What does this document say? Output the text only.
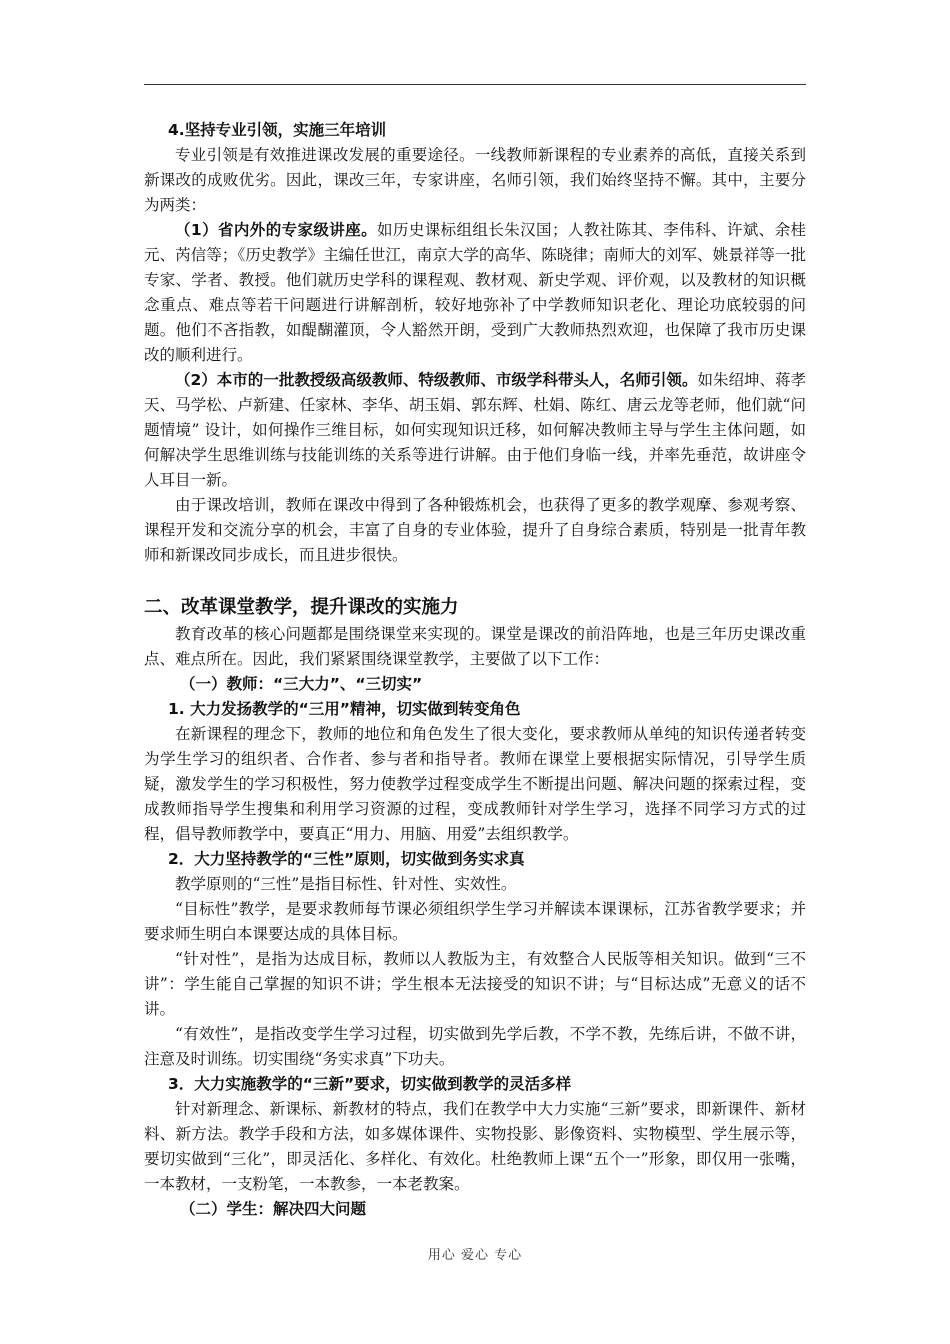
4.坚持专业引领，实施三年培训

专业引领是有效推进课改发展的重要途径。一线教师新课程的专业素养的高低，直接关系到新课改的成败优劣。因此，课改三年，专家讲座，名师引领，我们始终坚持不懈。其中，主要分为两类：

（1）省内外的专家级讲座。如历史课标组组长朱汉国；人教社陈其、李伟科、许斌、余桂元、芮信等；《历史教学》主编任世江，南京大学的高华、陈晓律；南师大的刘军、姚景祥等一批专家、学者、教授。他们就历史学科的课程观、教材观、新史学观、评价观，以及教材的知识概念重点、难点等若干问题进行讲解剖析，较好地弥补了中学教师知识老化、理论功底较弱的问题。他们不吝指教，如醍醐灌顶，令人豁然开朗，受到广大教师热烈欢迎，也保障了我市历史课改的顺利进行。

（2）本市的一批教授级高级教师、特级教师、市级学科带头人，名师引领。如朱绍坤、蒋孝天、马学松、卢新建、任家林、李华、胡玉娟、郭东辉、杜娟、陈红、唐云龙等老师，他们就“问题情境” 设计，如何操作三维目标，如何实现知识迁移，如何解决教师主导与学生主体问题，如何解决学生思维训练与技能训练的关系等进行讲解。由于他们身临一线，并率先垂范，故讲座令人耳目一新。

由于课改培训，教师在课改中得到了各种锻炼机会，也获得了更多的教学观摩、参观考察、课程开发和交流分享的机会，丰富了自身的专业体验，提升了自身综合素质，特别是一批青年教师和新课改同步成长，而且进步很快。

二、改革课堂教学，提升课改的实施力

教育改革的核心问题都是围绕课堂来实现的。课堂是课改的前沿阵地，也是三年历史课改重点、难点所在。因此，我们紧紧围绕课堂教学，主要做了以下工作：

（一）教师：“三大力”、“三切实”

1. 大力发扬教学的“三用”精神，切实做到转变角色

在新课程的理念下，教师的地位和角色发生了很大变化，要求教师从单纯的知识传递者转变为学生学习的组织者、合作者、参与者和指导者。教师在课堂上要根据实际情况，引导学生质疑，激发学生的学习积极性，努力使教学过程变成学生不断提出问题、解决问题的探索过程，变成教师指导学生搜集和利用学习资源的过程，变成教师针对学生学习，选择不同学习方式的过程，倡导教师教学中，要真正“用力、用脑、用爱”去组织教学。

2．大力坚持教学的“三性”原则，切实做到务实求真

教学原则的“三性”是指目标性、针对性、实效性。

“目标性”教学，是要求教师每节课必须组织学生学习并解读本课课标，江苏省教学要求；并要求师生明白本课要达成的具体目标。

“针对性”，是指为达成目标，教师以人教版为主，有效整合人民版等相关知识。做到“三不讲”：学生能自己掌握的知识不讲；学生根本无法接受的知识不讲；与“目标达成”无意义的话不讲。

“有效性”，是指改变学生学习过程，切实做到先学后教，不学不教，先练后讲，不做不讲，注意及时训练。切实围绕“务实求真”下功夫。

3．大力实施教学的“三新”要求，切实做到教学的灵活多样

针对新理念、新课标、新教材的特点，我们在教学中大力实施“三新”要求，即新课件、新材料、新方法。教学手段和方法，如多媒体课件、实物投影、影像资料、实物模型、学生展示等，要切实做到“三化”，即灵活化、多样化、有效化。杜绝教师上课“五个一”形象，即仅用一张嘴，一本教材，一支粉笔，一本教参，一本老教案。

（二）学生：解决四大问题

用心 爱心 专心
